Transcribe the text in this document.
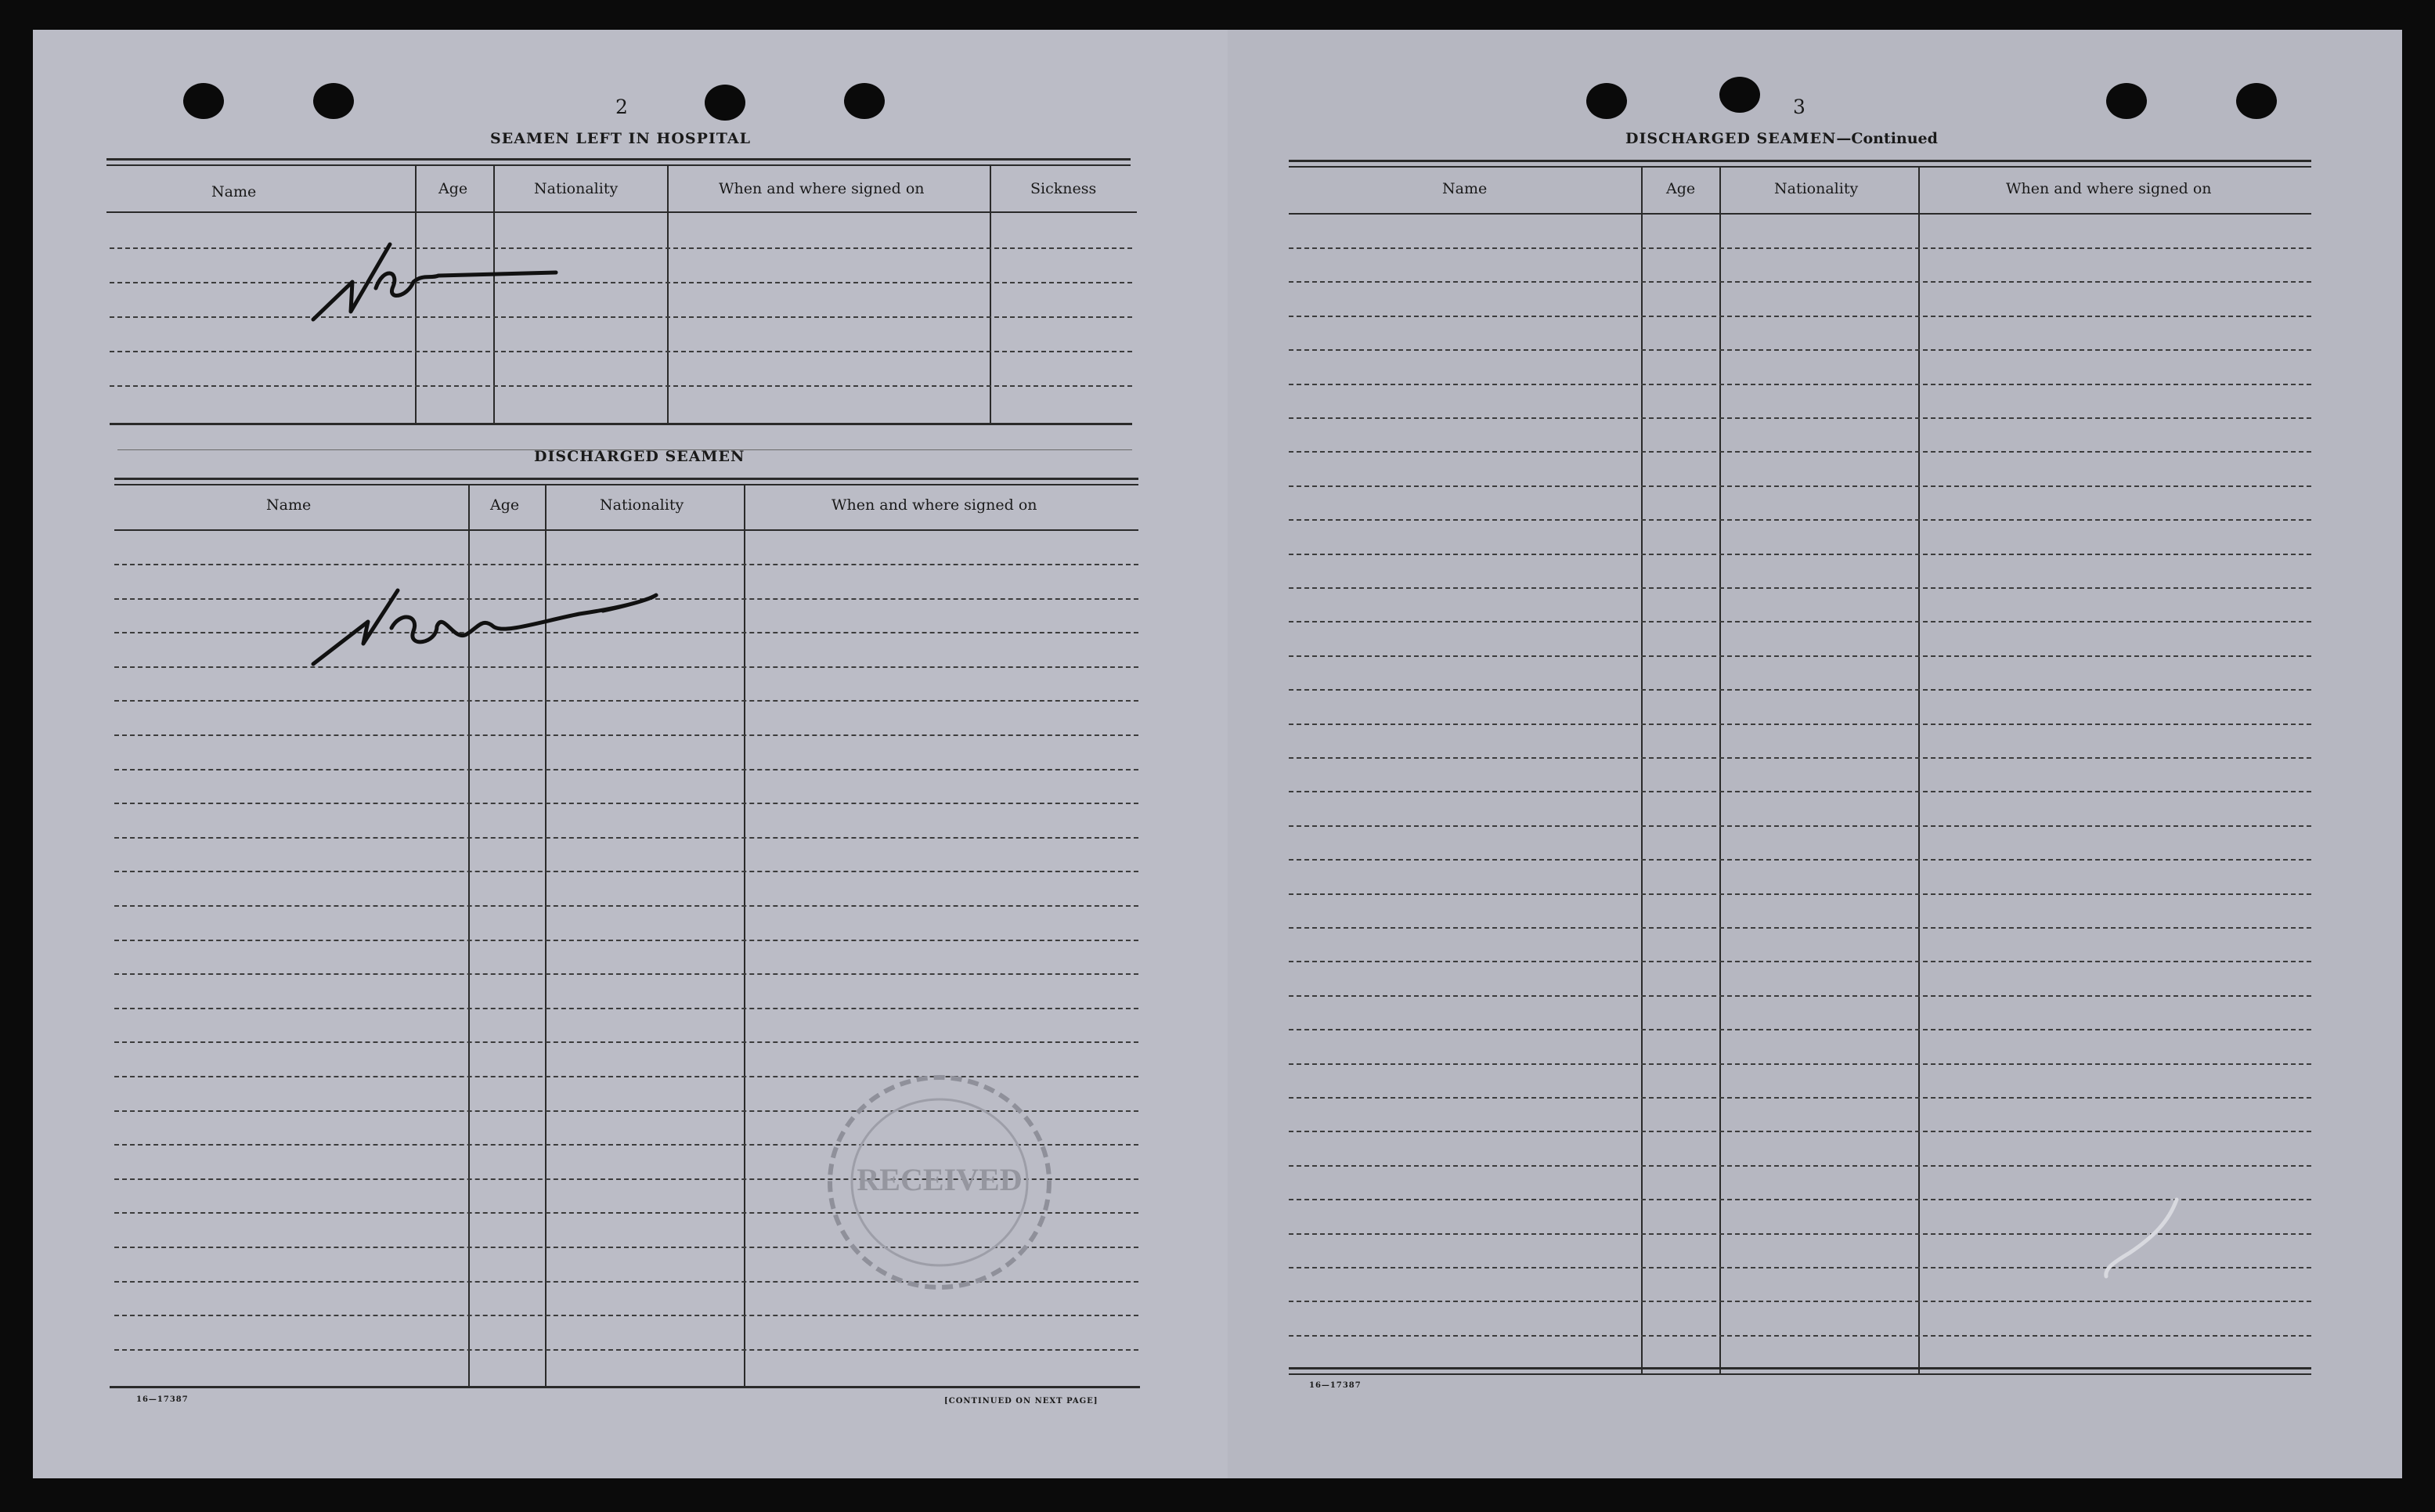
2
SEAMEN LEFT IN HOSPITAL
Name	Age	Nationality	When and where signed on	Sickness
DISCHARGED SEAMEN
Name	Age	Nationality	When and where signed on
RECEIVED
16—17387	[CONTINUED ON NEXT PAGE]
3
DISCHARGED SEAMEN—Continued
Name	Age	Nationality	When and where signed on
16—17387
